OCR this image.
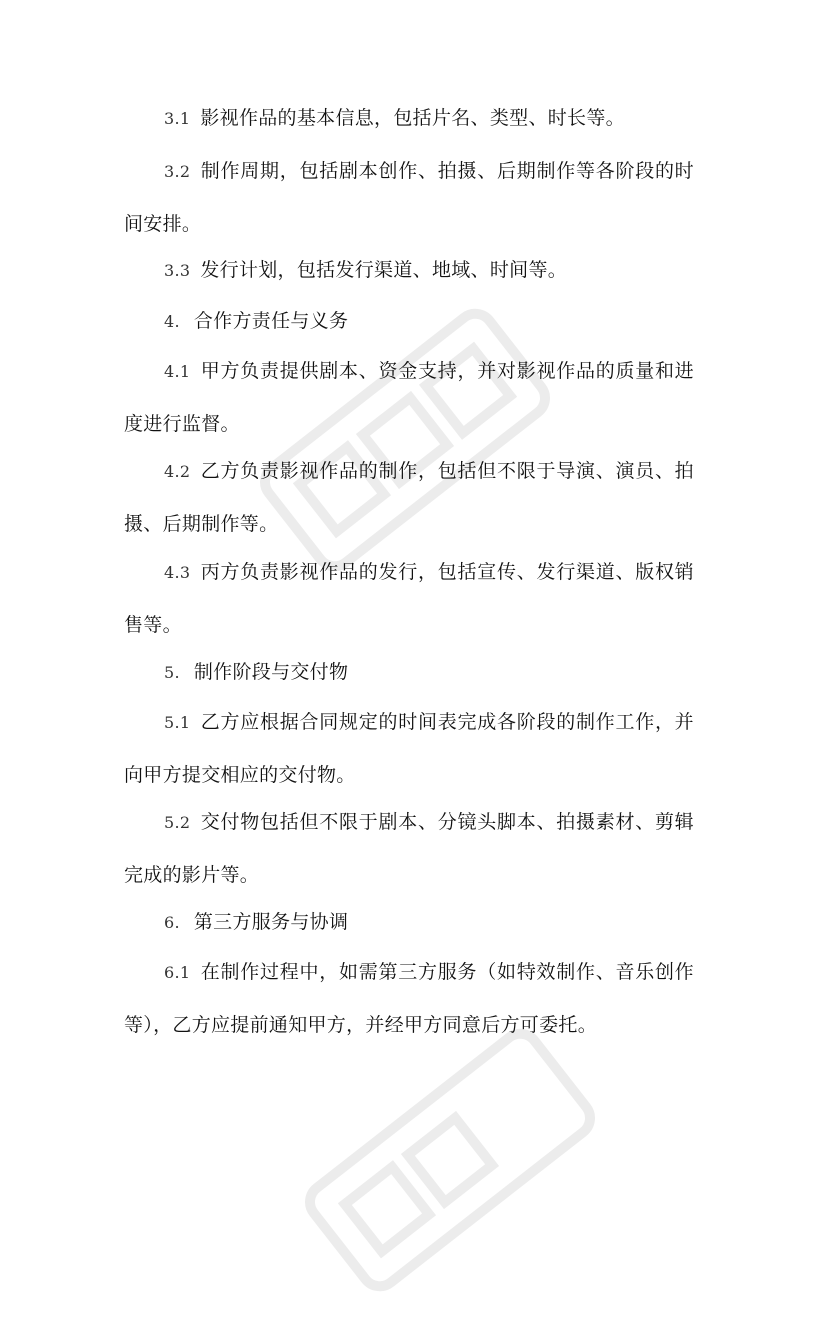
3.1 影视作品的基本信息，包括片名、类型、时长等。

3.2 制作周期，包括剧本创作、拍摄、后期制作等各阶段的时间安排。

3.3 发行计划，包括发行渠道、地域、时间等。

4. 合作方责任与义务

4.1 甲方负责提供剧本、资金支持，并对影视作品的质量和进度进行监督。

4.2 乙方负责影视作品的制作，包括但不限于导演、演员、拍摄、后期制作等。

4.3 丙方负责影视作品的发行，包括宣传、发行渠道、版权销售等。

5. 制作阶段与交付物

5.1 乙方应根据合同规定的时间表完成各阶段的制作工作，并向甲方提交相应的交付物。

5.2 交付物包括但不限于剧本、分镜头脚本、拍摄素材、剪辑完成的影片等。

6. 第三方服务与协调

6.1 在制作过程中，如需第三方服务（如特效制作、音乐创作等），乙方应提前通知甲方，并经甲方同意后方可委托。
